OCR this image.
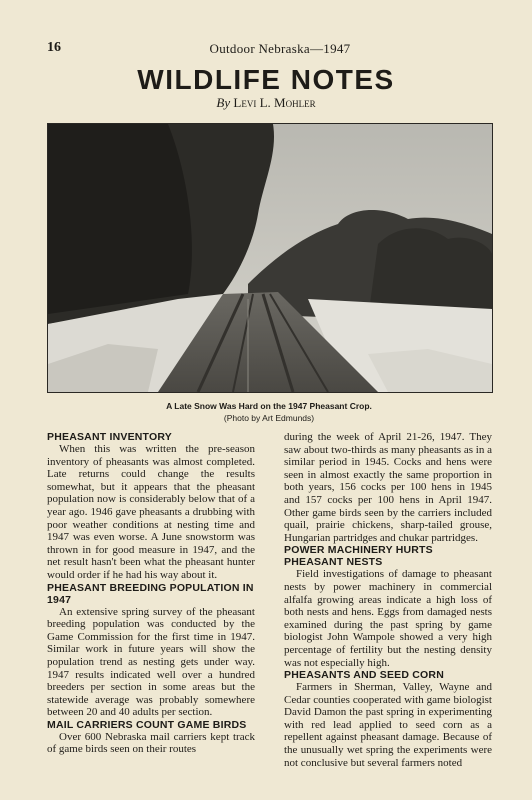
16	Outdoor Nebraska—1947
WILDLIFE NOTES
By Levi L. Mohler
A Late Snow Was Hard on the 1947 Pheasant Crop.
(Photo by Art Edmunds)
PHEASANT INVENTORY

When this was written the pre-season inventory of pheasants was almost completed. Late returns could change the results somewhat, but it appears that the pheasant population now is considerably below that of a year ago. 1946 gave pheasants a drubbing with poor weather conditions at nesting time and 1947 was even worse. A June snowstorm was thrown in for good measure in 1947, and the net result hasn't been what the pheasant hunter would order if he had his way about it.

PHEASANT BREEDING POPULATION IN 1947

An extensive spring survey of the pheasant breeding population was conducted by the Game Commission for the first time in 1947. Similar work in future years will show the population trend as nesting gets under way. 1947 results indicated well over a hundred breeders per section in some areas but the statewide average was probably somewhere between 20 and 40 adults per section.

MAIL CARRIERS COUNT GAME BIRDS

Over 600 Nebraska mail carriers kept track of game birds seen on their routes

during the week of April 21-26, 1947. They saw about two-thirds as many pheasants as in a similar period in 1945. Cocks and hens were seen in almost exactly the same proportion in both years, 156 cocks per 100 hens in 1945 and 157 cocks per 100 hens in April 1947. Other game birds seen by the carriers included quail, prairie chickens, sharp-tailed grouse, Hungarian partridges and chukar partridges.

POWER MACHINERY HURTS PHEASANT NESTS

Field investigations of damage to pheasant nests by power machinery in commercial alfalfa growing areas indicate a high loss of both nests and hens. Eggs from damaged nests examined during the past spring by game biologist John Wampole showed a very high percentage of fertility but the nesting density was not especially high.

PHEASANTS AND SEED CORN

Farmers in Sherman, Valley, Wayne and Cedar counties cooperated with game biologist David Damon the past spring in experimenting with red lead applied to seed corn as a repellent against pheasant damage. Because of the unusually wet spring the experiments were not conclusive but several farmers noted
